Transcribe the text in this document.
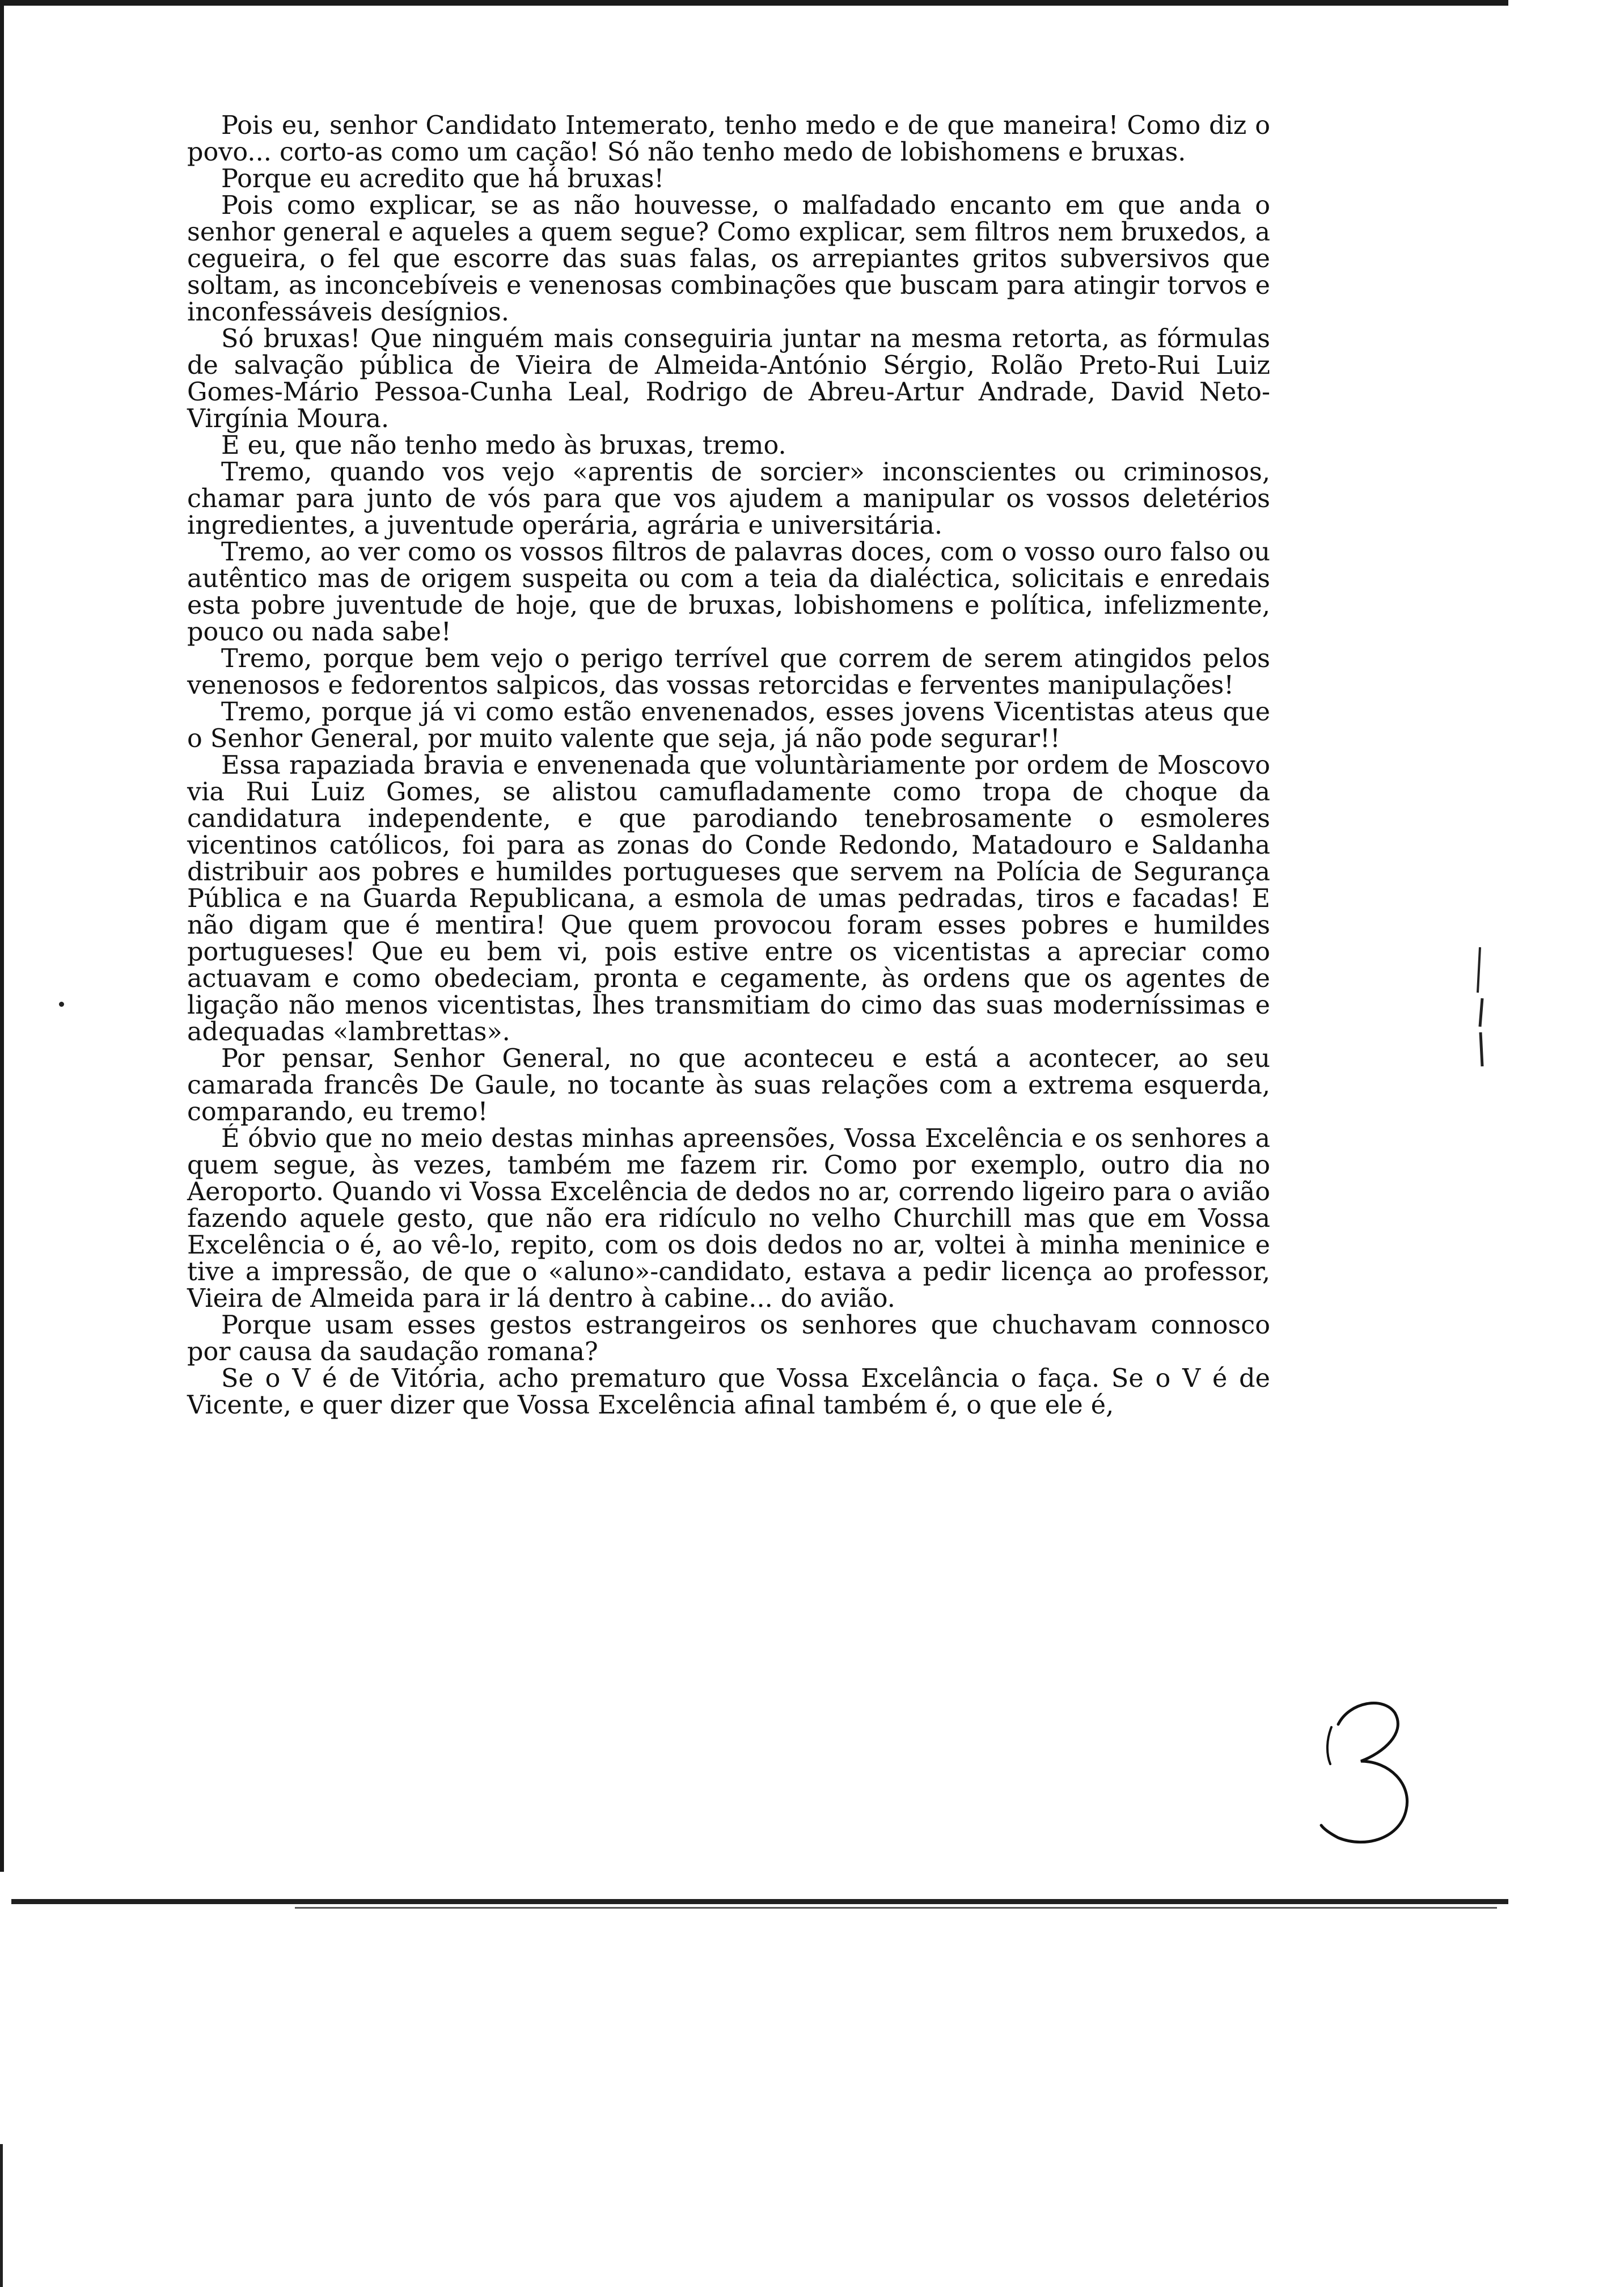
Pois eu, senhor Candidato Intemerato, tenho medo e de que maneira! Como diz o povo... corto-as como um cação! Só não tenho medo de lobishomens e bruxas.

Porque eu acredito que há bruxas!

Pois como explicar, se as não houvesse, o malfadado encanto em que anda o senhor general e aqueles a quem segue? Como explicar, sem filtros nem bruxedos, a cegueira, o fel que escorre das suas falas, os arrepiantes gritos subversivos que soltam, as inconcebíveis e venenosas combinações que buscam para atingir torvos e inconfessáveis desígnios.

Só bruxas! Que ninguém mais conseguiria juntar na mesma retorta, as fórmulas de salvação pública de Vieira de Almeida-António Sérgio, Rolão Preto-Rui Luiz Gomes-Mário Pessoa-Cunha Leal, Rodrigo de Abreu-Artur Andrade, David Neto-Virgínia Moura.

E eu, que não tenho medo às bruxas, tremo.

Tremo, quando vos vejo «aprentis de sorcier» inconscientes ou criminosos, chamar para junto de vós para que vos ajudem a manipular os vossos deletérios ingredientes, a juventude operária, agrária e universitária.

Tremo, ao ver como os vossos filtros de palavras doces, com o vosso ouro falso ou autêntico mas de origem suspeita ou com a teia da dialéctica, solicitais e enredais esta pobre juventude de hoje, que de bruxas, lobishomens e política, infelizmente, pouco ou nada sabe!

Tremo, porque bem vejo o perigo terrível que correm de serem atingidos pelos venenosos e fedorentos salpicos, das vossas retorcidas e ferventes manipulações!

Tremo, porque já vi como estão envenenados, esses jovens Vicentistas ateus que o Senhor General, por muito valente que seja, já não pode segurar!!

Essa rapaziada bravia e envenenada que voluntàriamente por ordem de Moscovo via Rui Luiz Gomes, se alistou camufladamente como tropa de choque da candidatura independente, e que parodiando tenebrosamente o esmoleres vicentinos católicos, foi para as zonas do Conde Redondo, Matadouro e Saldanha distribuir aos pobres e humildes portugueses que servem na Polícia de Segurança Pública e na Guarda Republicana, a esmola de umas pedradas, tiros e facadas! E não digam que é mentira! Que quem provocou foram esses pobres e humildes portugueses! Que eu bem vi, pois estive entre os vicentistas a apreciar como actuavam e como obedeciam, pronta e cegamente, às ordens que os agentes de ligação não menos vicentistas, lhes transmitiam do cimo das suas moderníssimas e adequadas «lambrettas».

Por pensar, Senhor General, no que aconteceu e está a acontecer, ao seu camarada francês De Gaule, no tocante às suas relações com a extrema esquerda, comparando, eu tremo!

É óbvio que no meio destas minhas apreensões, Vossa Excelência e os senhores a quem segue, às vezes, também me fazem rir. Como por exemplo, outro dia no Aeroporto. Quando vi Vossa Excelência de dedos no ar, correndo ligeiro para o avião fazendo aquele gesto, que não era ridículo no velho Churchill mas que em Vossa Excelência o é, ao vê-lo, repito, com os dois dedos no ar, voltei à minha meninice e tive a impressão, de que o «aluno»-candidato, estava a pedir licença ao professor, Vieira de Almeida para ir lá dentro à cabine... do avião.

Porque usam esses gestos estrangeiros os senhores que chuchavam connosco por causa da saudação romana?

Se o V é de Vitória, acho prematuro que Vossa Excelância o faça. Se o V é de Vicente, e quer dizer que Vossa Excelência afinal também é, o que ele é,
